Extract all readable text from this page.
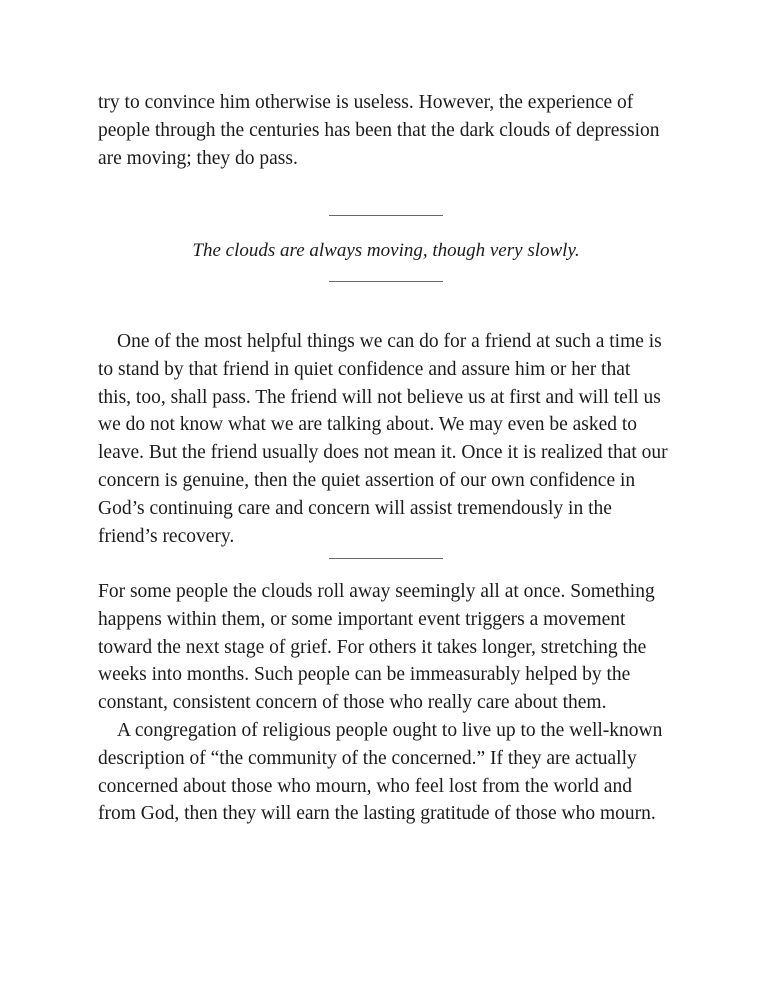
try to convince him otherwise is useless. However, the experience of
people through the centuries has been that the dark clouds of depression
are moving; they do pass.

The clouds are always moving, though very slowly.

One of the most helpful things we can do for a friend at such a time is
to stand by that friend in quiet confidence and assure him or her that
this, too, shall pass. The friend will not believe us at first and will tell us
we do not know what we are talking about. We may even be asked to
leave. But the friend usually does not mean it. Once it is realized that our
concern is genuine, then the quiet assertion of our own confidence in
God’s continuing care and concern will assist tremendously in the
friend’s recovery.

For some people the clouds roll away seemingly all at once. Something
happens within them, or some important event triggers a movement
toward the next stage of grief. For others it takes longer, stretching the
weeks into months. Such people can be immeasurably helped by the
constant, consistent concern of those who really care about them.

A congregation of religious people ought to live up to the well-known
description of “the community of the concerned.” If they are actually
concerned about those who mourn, who feel lost from the world and
from God, then they will earn the lasting gratitude of those who mourn.
